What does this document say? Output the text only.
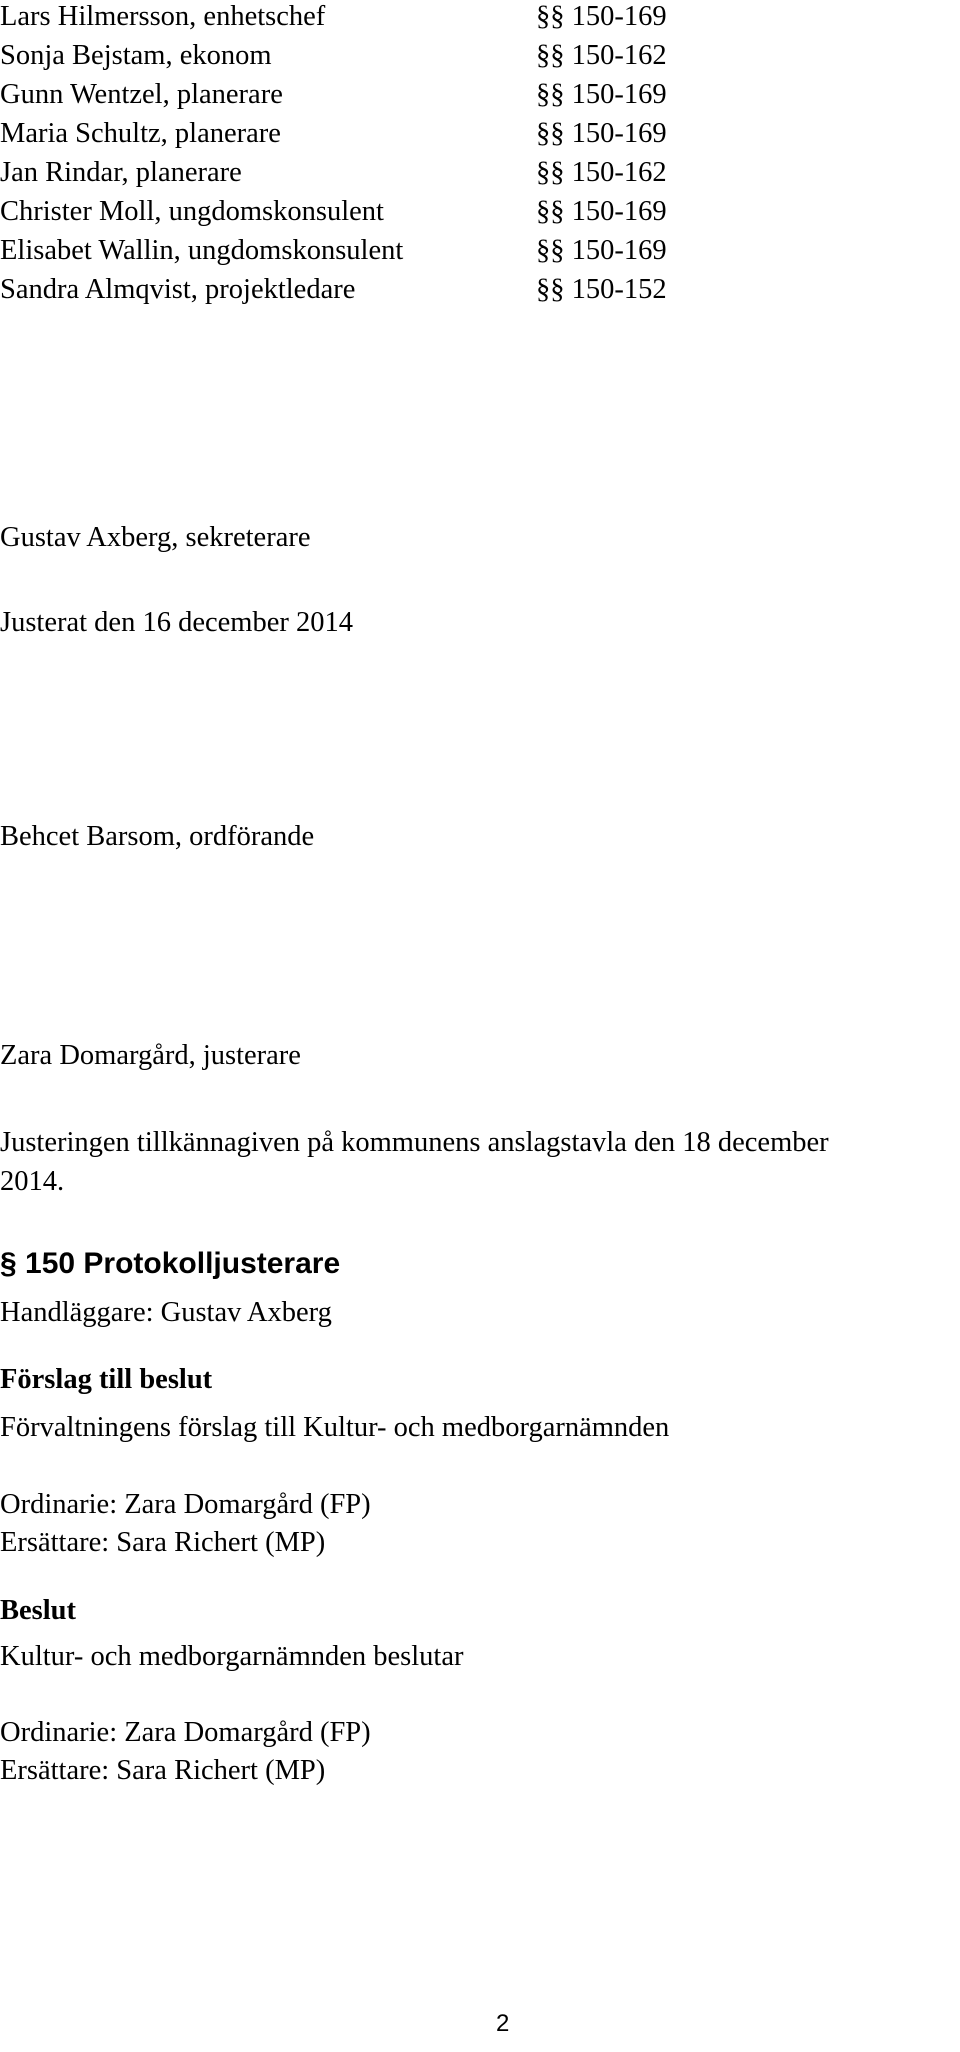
Lars Hilmersson, enhetschef	§§ 150-169
Sonja Bejstam, ekonom	§§ 150-162
Gunn Wentzel, planerare	§§ 150-169
Maria Schultz, planerare	§§ 150-169
Jan Rindar, planerare	§§ 150-162
Christer Moll, ungdomskonsulent	§§ 150-169
Elisabet Wallin, ungdomskonsulent	§§ 150-169
Sandra Almqvist, projektledare	§§ 150-152
Gustav Axberg, sekreterare
Justerat den 16 december 2014
Behcet Barsom, ordförande
Zara Domargård, justerare
Justeringen tillkännagiven på kommunens anslagstavla den 18 december
2014.
§ 150 Protokolljusterare
Handläggare: Gustav Axberg
Förslag till beslut
Förvaltningens förslag till Kultur- och medborgarnämnden
Ordinarie: Zara Domargård (FP)
Ersättare: Sara Richert (MP)
Beslut
Kultur- och medborgarnämnden beslutar
Ordinarie: Zara Domargård (FP)
Ersättare: Sara Richert (MP)
2
